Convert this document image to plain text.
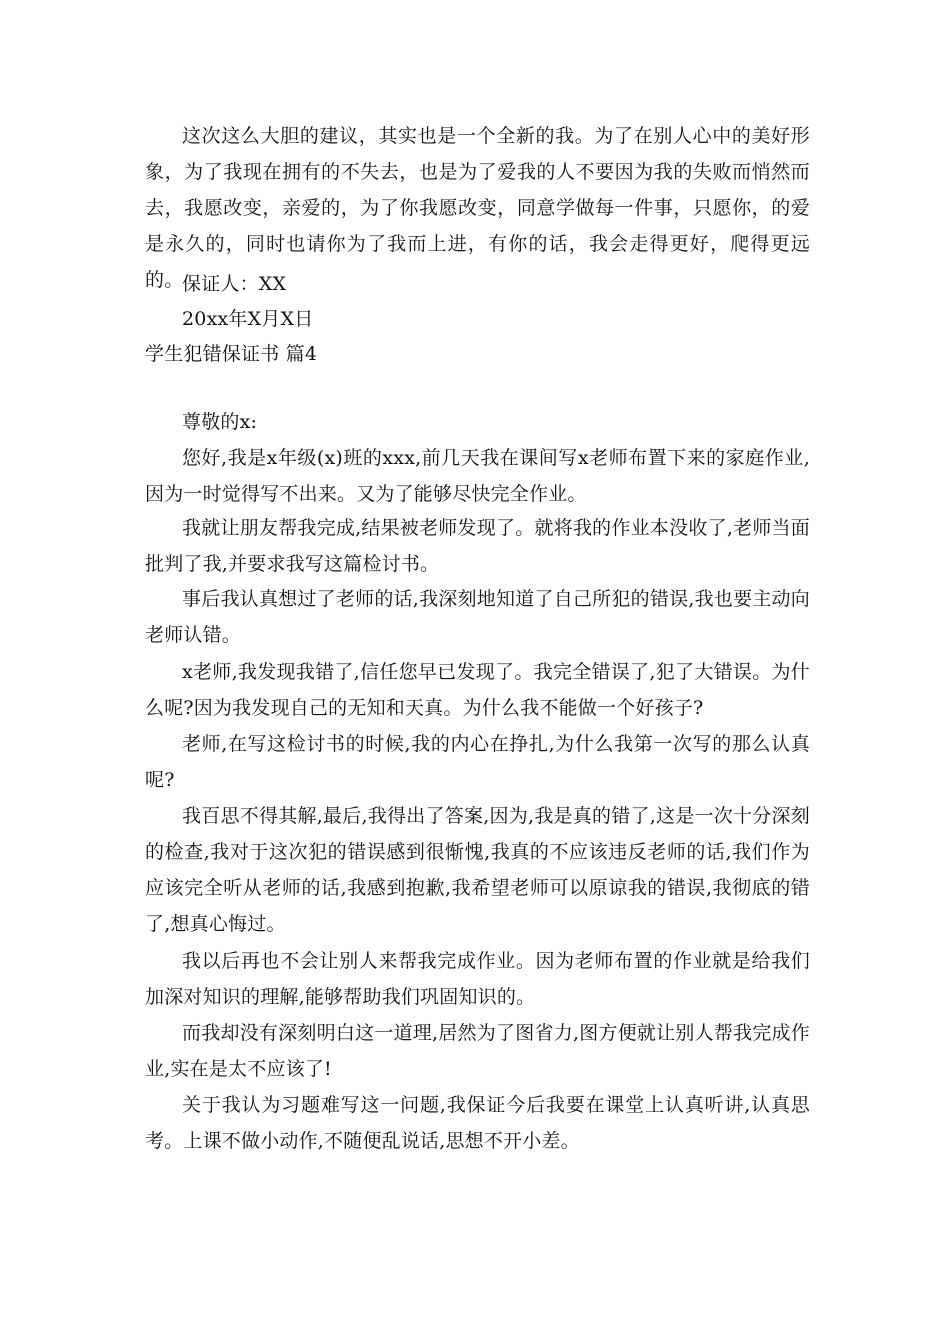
这次这么大胆的建议，其实也是一个全新的我。为了在别人心中的美好形象，为了我现在拥有的不失去，也是为了爱我的人不要因为我的失败而悄然而去，我愿改变，亲爱的，为了你我愿改变，同意学做每一件事，只愿你，的爱是永久的，同时也请你为了我而上进，有你的话，我会走得更好，爬得更远的。
保证人：XX
20xx年X月X日
学生犯错保证书 篇4
尊敬的x:
您好,我是x年级(x)班的xxx,前几天我在课间写x老师布置下来的家庭作业,因为一时觉得写不出来。又为了能够尽快完全作业。
我就让朋友帮我完成,结果被老师发现了。就将我的作业本没收了,老师当面批判了我,并要求我写这篇检讨书。
事后我认真想过了老师的话,我深刻地知道了自己所犯的错误,我也要主动向老师认错。
x老师,我发现我错了,信任您早已发现了。我完全错误了,犯了大错误。为什么呢?因为我发现自己的无知和天真。为什么我不能做一个好孩子?
老师,在写这检讨书的时候,我的内心在挣扎,为什么我第一次写的那么认真呢?
我百思不得其解,最后,我得出了答案,因为,我是真的错了,这是一次十分深刻的检查,我对于这次犯的错误感到很惭愧,我真的不应该违反老师的话,我们作为应该完全听从老师的话,我感到抱歉,我希望老师可以原谅我的错误,我彻底的错了,想真心悔过。
我以后再也不会让别人来帮我完成作业。因为老师布置的作业就是给我们加深对知识的理解,能够帮助我们巩固知识的。
而我却没有深刻明白这一道理,居然为了图省力,图方便就让别人帮我完成作业,实在是太不应该了!
关于我认为习题难写这一问题,我保证今后我要在课堂上认真听讲,认真思考。上课不做小动作,不随便乱说话,思想不开小差。
